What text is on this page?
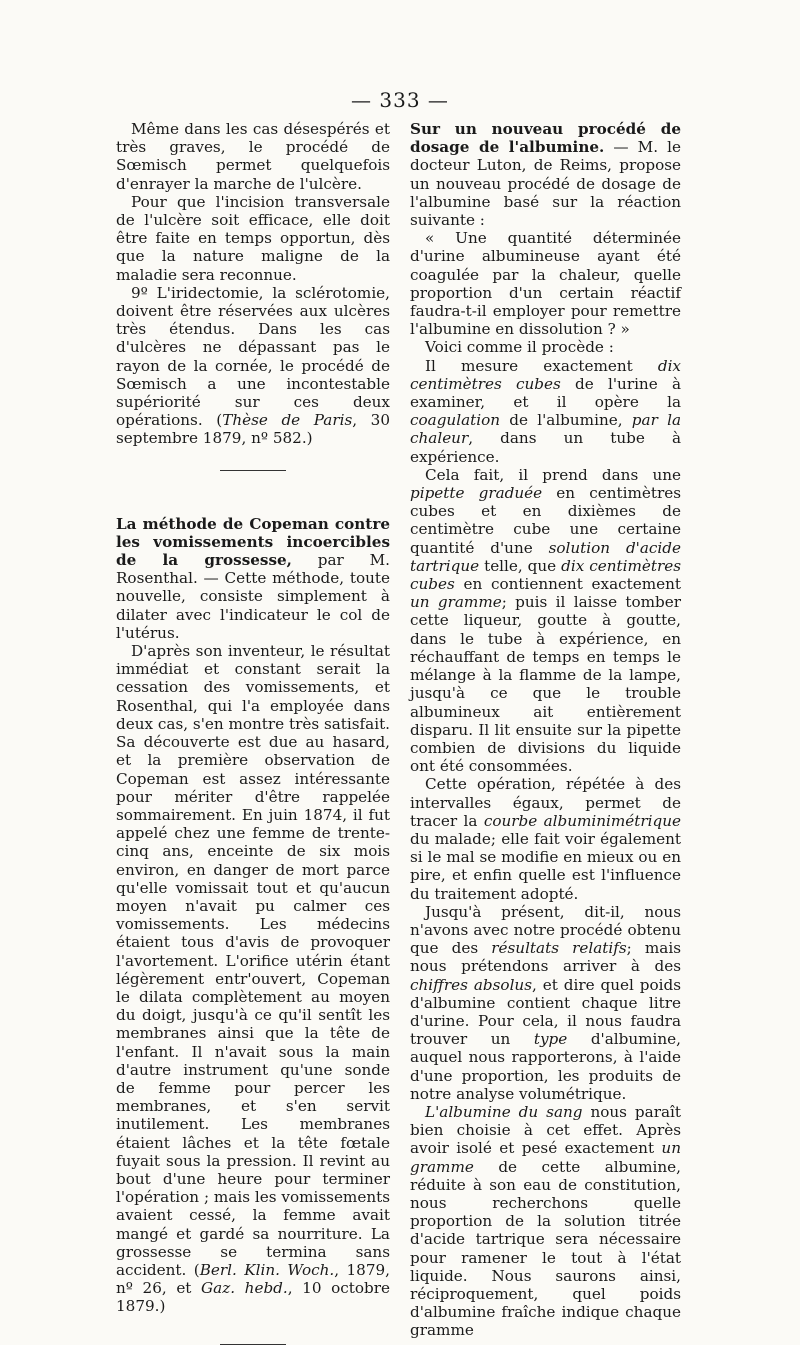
— 333 —

Même dans les cas désespérés et très graves, le procédé de Sœmisch permet quelquefois d'enrayer la marche de l'ulcère.

Pour que l'incision transversale de l'ulcère soit efficace, elle doit être faite en temps opportun, dès que la nature maligne de la maladie sera reconnue.

9º L'iridectomie, la sclérotomie, doivent être réservées aux ulcères très étendus. Dans les cas d'ulcères ne dépassant pas le rayon de la cornée, le procédé de Sœmisch a une incontestable supériorité sur ces deux opérations. (Thèse de Paris, 30 septembre 1879, nº 582.)

La méthode de Copeman contre les vomissements incoercibles de la grossesse, par M. Rosenthal. — Cette méthode, toute nouvelle, consiste simplement à dilater avec l'indicateur le col de l'utérus.

D'après son inventeur, le résultat immédiat et constant serait la cessation des vomissements, et Rosenthal, qui l'a employée dans deux cas, s'en montre très satisfait. Sa découverte est due au hasard, et la première observation de Copeman est assez intéressante pour mériter d'être rappelée sommairement. En juin 1874, il fut appelé chez une femme de trente-cinq ans, enceinte de six mois environ, en danger de mort parce qu'elle vomissait tout et qu'aucun moyen n'avait pu calmer ces vomissements. Les médecins étaient tous d'avis de provoquer l'avortement. L'orifice utérin étant légèrement entr'ouvert, Copeman le dilata complètement au moyen du doigt, jusqu'à ce qu'il sentît les membranes ainsi que la tête de l'enfant. Il n'avait sous la main d'autre instrument qu'une sonde de femme pour percer les membranes, et s'en servit inutilement. Les membranes étaient lâches et la tête fœtale fuyait sous la pression. Il revint au bout d'une heure pour terminer l'opération ; mais les vomissements avaient cessé, la femme avait mangé et gardé sa nourriture. La grossesse se termina sans accident. (Berl. Klin. Woch., 1879, nº 26, et Gaz. hebd., 10 octobre 1879.)

Sur un nouveau procédé de dosage de l'albumine. — M. le docteur Luton, de Reims, propose un nouveau procédé de dosage de l'albumine basé sur la réaction suivante :

« Une quantité déterminée d'urine albumineuse ayant été coagulée par la chaleur, quelle proportion d'un certain réactif faudra-t-il employer pour remettre l'albumine en dissolution ? »

Voici comme il procède :

Il mesure exactement dix centimètres cubes de l'urine à examiner, et il opère la coagulation de l'albumine, par la chaleur, dans un tube à expérience.

Cela fait, il prend dans une pipette graduée en centimètres cubes et en dixièmes de centimètre cube une certaine quantité d'une solution d'acide tartrique telle, que dix centimètres cubes en contiennent exactement un gramme; puis il laisse tomber cette liqueur, goutte à goutte, dans le tube à expérience, en réchauffant de temps en temps le mélange à la flamme de la lampe, jusqu'à ce que le trouble albumineux ait entièrement disparu. Il lit ensuite sur la pipette combien de divisions du liquide ont été consommées.

Cette opération, répétée à des intervalles égaux, permet de tracer la courbe albuminimétrique du malade; elle fait voir également si le mal se modifie en mieux ou en pire, et enfin quelle est l'influence du traitement adopté.

Jusqu'à présent, dit-il, nous n'avons avec notre procédé obtenu que des résultats relatifs; mais nous prétendons arriver à des chiffres absolus, et dire quel poids d'albumine contient chaque litre d'urine. Pour cela, il nous faudra trouver un type d'albumine, auquel nous rapporterons, à l'aide d'une proportion, les produits de notre analyse volumétrique.

L'albumine du sang nous paraît bien choisie à cet effet. Après avoir isolé et pesé exactement un gramme de cette albumine, réduite à son eau de constitution, nous recherchons quelle proportion de la solution titrée d'acide tartrique sera nécessaire pour ramener le tout à l'état liquide. Nous saurons ainsi, réciproquement, quel poids d'albumine fraîche indique chaque gramme
